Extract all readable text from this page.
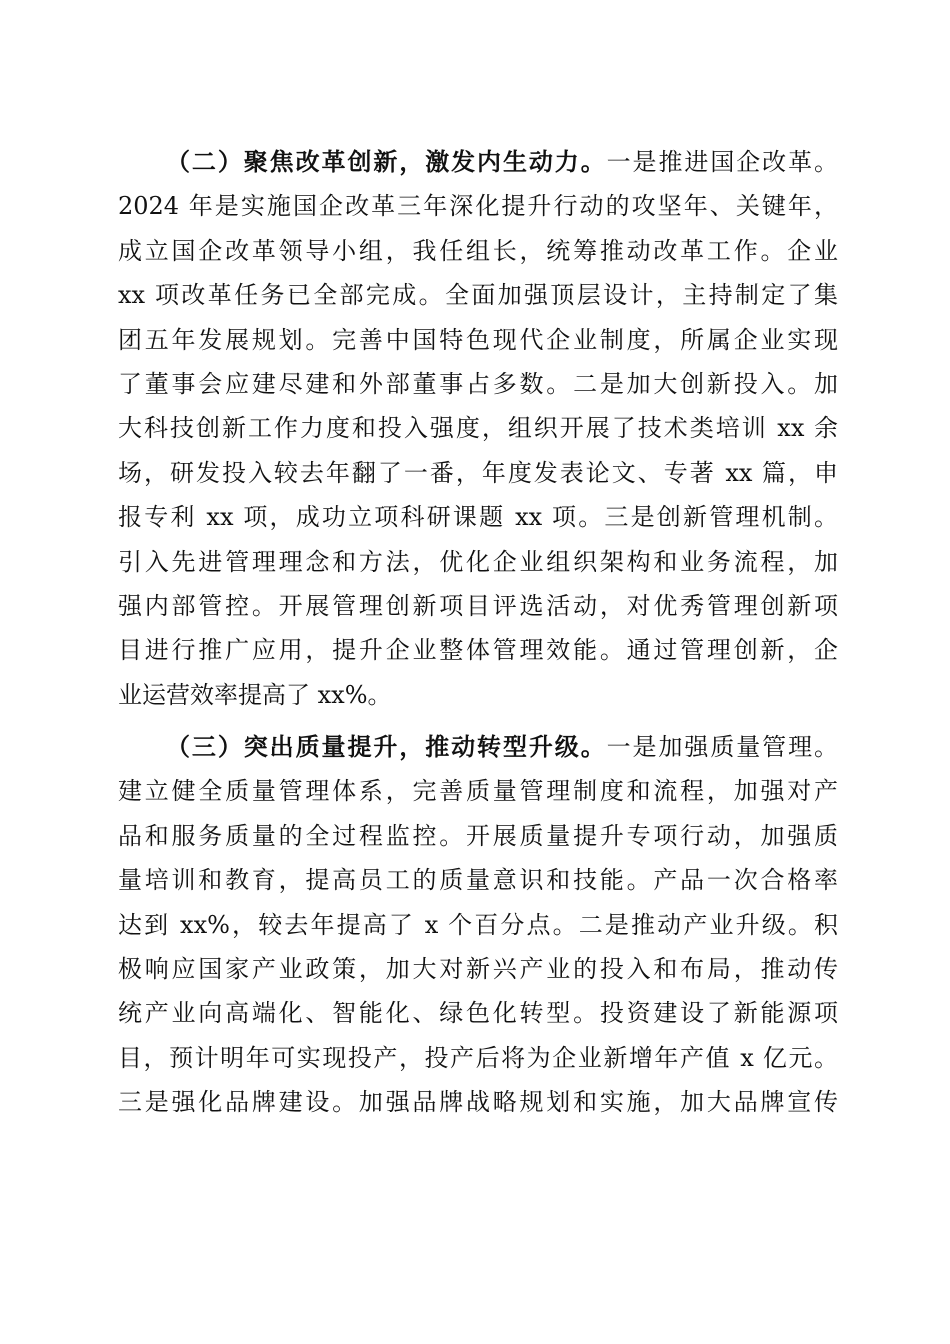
（二）聚焦改革创新，激发内生动力。一是推进国企改革。
2024 年是实施国企改革三年深化提升行动的攻坚年、关键年，
成立国企改革领导小组，我任组长，统筹推动改革工作。企业
xx 项改革任务已全部完成。全面加强顶层设计，主持制定了集
团五年发展规划。完善中国特色现代企业制度，所属企业实现
了董事会应建尽建和外部董事占多数。二是加大创新投入。加
大科技创新工作力度和投入强度，组织开展了技术类培训 xx 余
场，研发投入较去年翻了一番，年度发表论文、专著 xx 篇，申
报专利 xx 项，成功立项科研课题 xx 项。三是创新管理机制。
引入先进管理理念和方法，优化企业组织架构和业务流程，加
强内部管控。开展管理创新项目评选活动，对优秀管理创新项
目进行推广应用，提升企业整体管理效能。通过管理创新，企
业运营效率提高了 xx%。
（三）突出质量提升，推动转型升级。一是加强质量管理。
建立健全质量管理体系，完善质量管理制度和流程，加强对产
品和服务质量的全过程监控。开展质量提升专项行动，加强质
量培训和教育，提高员工的质量意识和技能。产品一次合格率
达到 xx%，较去年提高了 x 个百分点。二是推动产业升级。积
极响应国家产业政策，加大对新兴产业的投入和布局，推动传
统产业向高端化、智能化、绿色化转型。投资建设了新能源项
目，预计明年可实现投产，投产后将为企业新增年产值 x 亿元。
三是强化品牌建设。加强品牌战略规划和实施，加大品牌宣传
